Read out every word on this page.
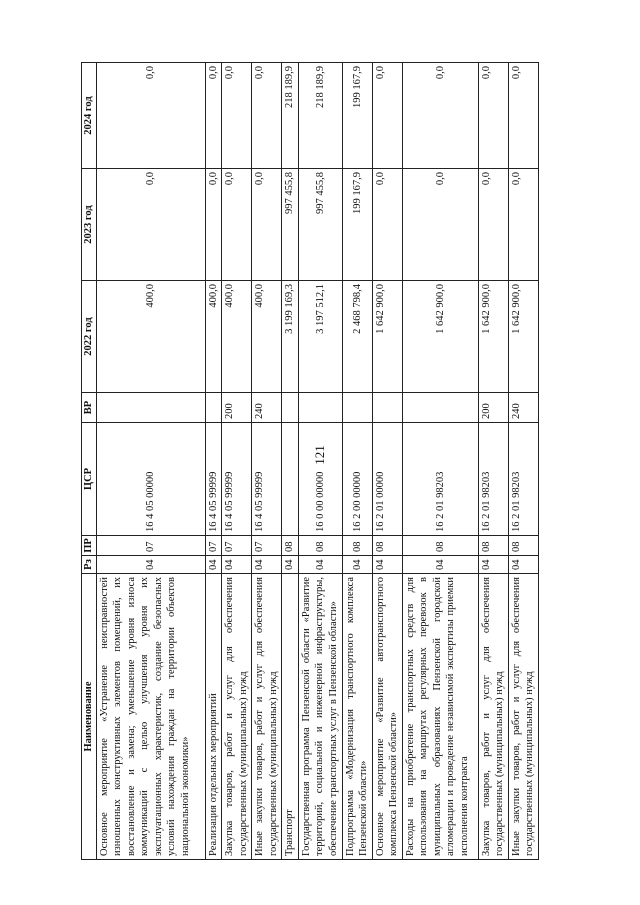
121
Наименование	Рз	ПР	ЦСР	ВР	2022 год	2023 год	2024 год
Основное мероприятие «Устранение неисправностей изношенных конструктивных элементов помещений, их восстановление и замена; уменьшение уровня износа коммуникаций с целью улучшения уровня их эксплуатационных характеристик, создание безопасных условий нахождения граждан на территории объектов национальной экономики»	04	07	16 4 05 00000		400,0	0,0	0,0
Реализация отдельных мероприятий	04	07	16 4 05 99999		400,0	0,0	0,0
Закупка товаров, работ и услуг для обеспечения государственных (муниципальных) нужд	04	07	16 4 05 99999	200	400,0	0,0	0,0
Иные закупки товаров, работ и услуг для обеспечения государственных (муниципальных) нужд	04	07	16 4 05 99999	240	400,0	0,0	0,0
Транспорт	04	08			3 199 169,3	997 455,8	218 189,9
Государственная программа Пензенской области «Развитие территорий, социальной и инженерной инфраструктуры, обеспечение транспортных услуг в Пензенской области»	04	08	16 0 00 00000		3 197 512,1	997 455,8	218 189,9
Подпрограмма «Модернизация транспортного комплекса Пензенской области»	04	08	16 2 00 00000		2 468 798,4	199 167,9	199 167,9
Основное мероприятие «Развитие автотранспортного комплекса Пензенской области»	04	08	16 2 01 00000		1 642 900,0	0,0	0,0
Расходы на приобретение транспортных средств для использования на маршрутах регулярных перевозок в муниципальных образованиях Пензенской городской агломерации и проведение независимой экспертизы приемки исполнения контракта	04	08	16 2 01 98203		1 642 900,0	0,0	0,0
Закупка товаров, работ и услуг для обеспечения государственных (муниципальных) нужд	04	08	16 2 01 98203	200	1 642 900,0	0,0	0,0
Иные закупки товаров, работ и услуг для обеспечения государственных (муниципальных) нужд	04	08	16 2 01 98203	240	1 642 900,0	0,0	0,0
